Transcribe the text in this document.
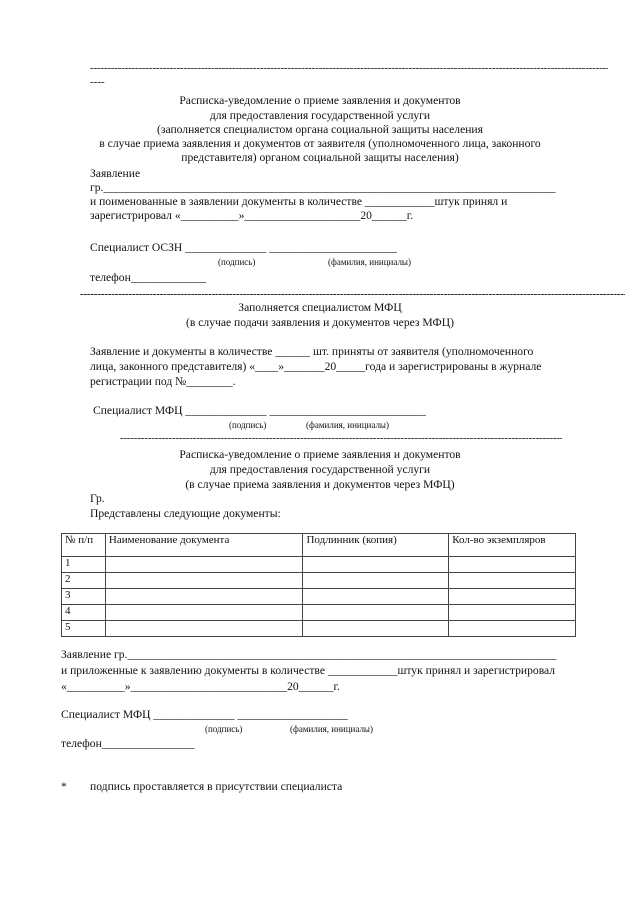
-----
----
Расписка-уведомление о приеме заявления и документов
для предоставления государственной услуги
(заполняется специалистом органа социальной защиты населения
в случае приема заявления и документов от заявителя (уполномоченного лица, законного
представителя) органом социальной защиты населения)
Заявление
гр.______________________________________________________________________________
и поименованные в заявлении документы в количестве ____________штук принял и
зарегистрировал «__________»____________________20______г.
Специалист ОСЗН ______________ ______________________
(подпись)	(фамилия, инициалы)
телефон_____________
-----
Заполняется специалистом МФЦ
(в случае подачи заявления и документов через МФЦ)
Заявление и документы в количестве ______ шт. приняты от заявителя (уполномоченного
лица, законного представителя) «____»_______20_____года и зарегистрированы в журнале
регистрации под №________.
Специалист МФЦ ______________ ___________________________
(подпись)	(фамилия, инициалы)
-----
Расписка-уведомление о приеме заявления и документов
для предоставления государственной услуги
(в случае приема заявления и документов через МФЦ)
Гр.
Представлены следующие документы:
№ п/п	Наименование документа	Подлинник (копия)	Кол-во экземпляров
1			
2			
3			
4			
5			
Заявление гр.__________________________________________________________________________
и приложенные к заявлению документы в количестве ____________штук принял и зарегистрировал
«__________»___________________________20______г.
Специалист МФЦ ______________ ___________________
(подпись)	(фамилия, инициалы)
телефон________________
* подпись проставляется в присутствии специалиста
